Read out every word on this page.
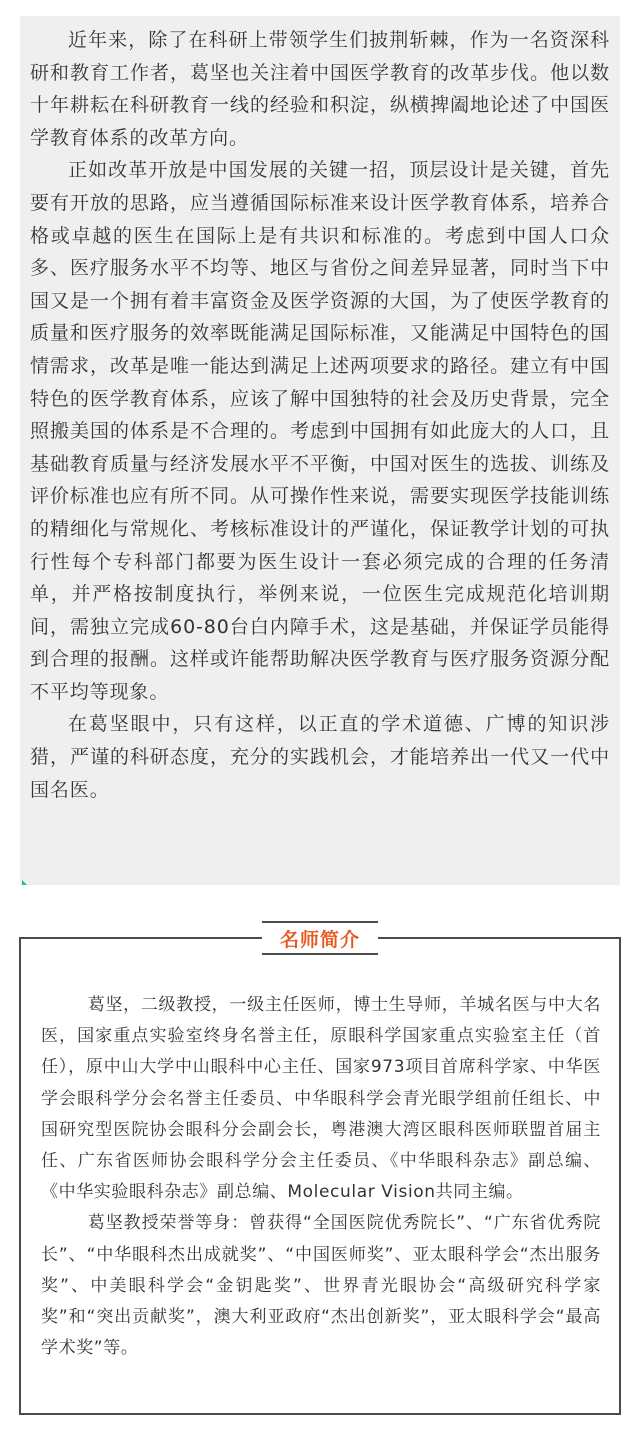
近年来，除了在科研上带领学生们披荆斩棘，作为一名资深科研和教育工作者，葛坚也关注着中国医学教育的改革步伐。他以数十年耕耘在科研教育一线的经验和积淀，纵横捭阖地论述了中国医学教育体系的改革方向。

正如改革开放是中国发展的关键一招，顶层设计是关键，首先要有开放的思路，应当遵循国际标准来设计医学教育体系，培养合格或卓越的医生在国际上是有共识和标准的。考虑到中国人口众多、医疗服务水平不均等、地区与省份之间差异显著，同时当下中国又是一个拥有着丰富资金及医学资源的大国，为了使医学教育的质量和医疗服务的效率既能满足国际标准，又能满足中国特色的国情需求，改革是唯一能达到满足上述两项要求的路径。建立有中国特色的医学教育体系，应该了解中国独特的社会及历史背景，完全照搬美国的体系是不合理的。考虑到中国拥有如此庞大的人口，且基础教育质量与经济发展水平不平衡，中国对医生的选拔、训练及评价标准也应有所不同。从可操作性来说，需要实现医学技能训练的精细化与常规化、考核标准设计的严谨化，保证教学计划的可执行性每个专科部门都要为医生设计一套必须完成的合理的任务清单，并严格按制度执行，举例来说，一位医生完成规范化培训期间，需独立完成60-80台白内障手术，这是基础，并保证学员能得到合理的报酬。这样或许能帮助解决医学教育与医疗服务资源分配不平均等现象。

在葛坚眼中，只有这样，以正直的学术道德、广博的知识涉猎，严谨的科研态度，充分的实践机会，才能培养出一代又一代中国名医。

葛坚，二级教授，一级主任医师，博士生导师，羊城名医与中大名医，国家重点实验室终身名誉主任，原眼科学国家重点实验室主任（首任），原中山大学中山眼科中心主任、国家973项目首席科学家、中华医学会眼科学分会名誉主任委员、中华眼科学会青光眼学组前任组长、中国研究型医院协会眼科分会副会长，粤港澳大湾区眼科医师联盟首届主任、广东省医师协会眼科学分会主任委员、《中华眼科杂志》副总编、《中华实验眼科杂志》副总编、Molecular Vision共同主编。

葛坚教授荣誉等身：曾获得“全国医院优秀院长”、“广东省优秀院长”、“中华眼科杰出成就奖”、“中国医师奖”、亚太眼科学会“杰出服务奖”、中美眼科学会“金钥匙奖”、世界青光眼协会“高级研究科学家奖”和“突出贡献奖”，澳大利亚政府“杰出创新奖”，亚太眼科学会“最高学术奖”等。

名师简介
